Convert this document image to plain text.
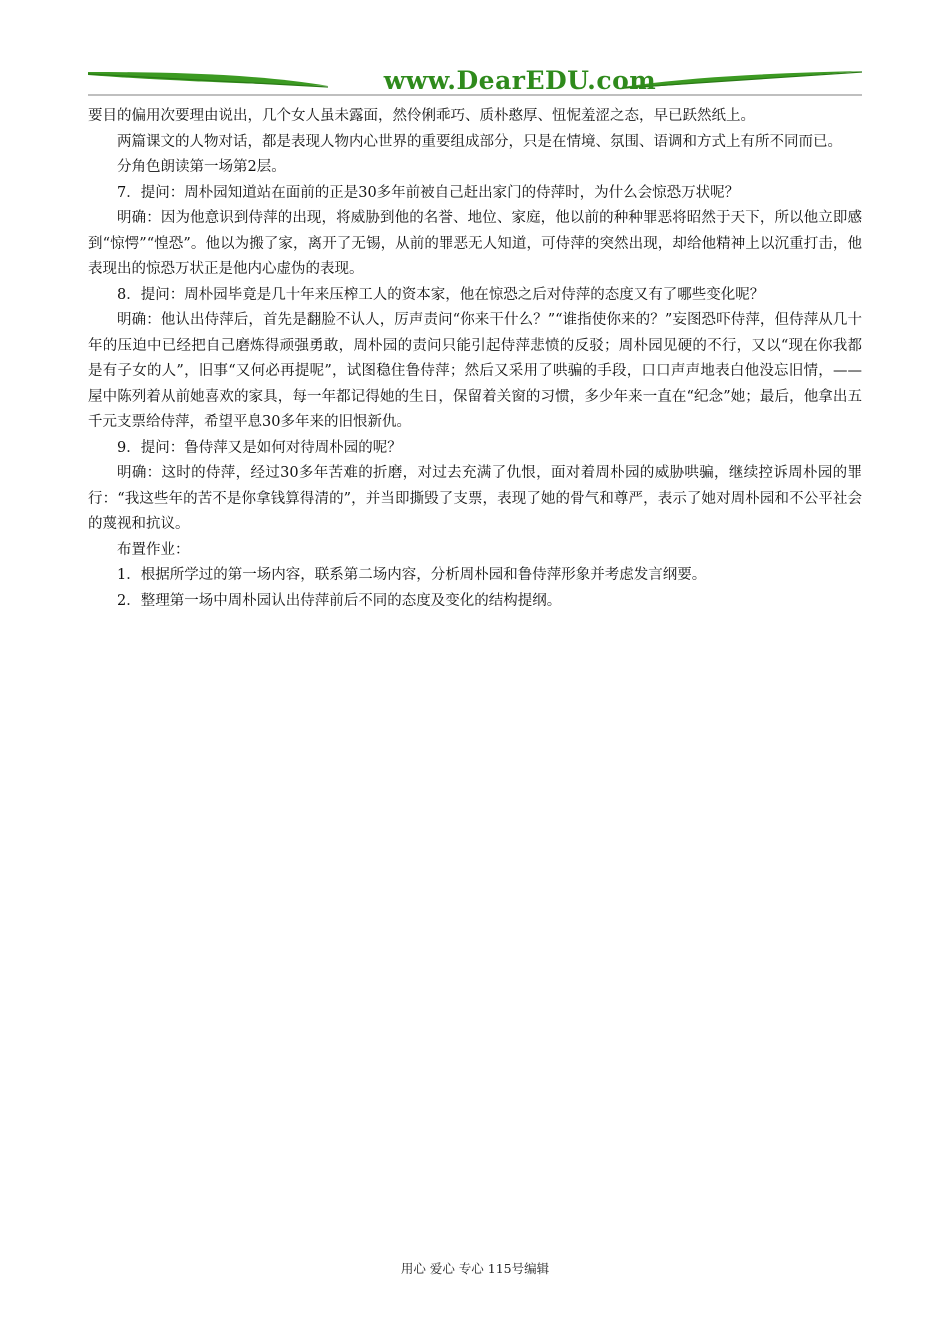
www.DearEDU.com

要目的偏用次要理由说出，几个女人虽未露面，然伶俐乖巧、质朴憨厚、忸怩羞涩之态，早已跃然纸上。

两篇课文的人物对话，都是表现人物内心世界的重要组成部分，只是在情境、氛围、语调和方式上有所不同而已。

分角色朗读第一场第2层。

7．提问：周朴园知道站在面前的正是30多年前被自己赶出家门的侍萍时，为什么会惊恐万状呢？

明确：因为他意识到侍萍的出现，将威胁到他的名誉、地位、家庭，他以前的种种罪恶将昭然于天下，所以他立即感到“惊愕”“惶恐”。他以为搬了家，离开了无锡，从前的罪恶无人知道，可侍萍的突然出现，却给他精神上以沉重打击，他表现出的惊恐万状正是他内心虚伪的表现。

8．提问：周朴园毕竟是几十年来压榨工人的资本家，他在惊恐之后对侍萍的态度又有了哪些变化呢？

明确：他认出侍萍后，首先是翻脸不认人，厉声责问“你来干什么？”“谁指使你来的？”妄图恐吓侍萍，但侍萍从几十年的压迫中已经把自己磨炼得顽强勇敢，周朴园的责问只能引起侍萍悲愤的反驳；周朴园见硬的不行，又以“现在你我都是有子女的人”，旧事“又何必再提呢”，试图稳住鲁侍萍；然后又采用了哄骗的手段，口口声声地表白他没忘旧情，——屋中陈列着从前她喜欢的家具，每一年都记得她的生日，保留着关窗的习惯，多少年来一直在“纪念”她；最后，他拿出五千元支票给侍萍，希望平息30多年来的旧恨新仇。

9．提问：鲁侍萍又是如何对待周朴园的呢？

明确：这时的侍萍，经过30多年苦难的折磨，对过去充满了仇恨，面对着周朴园的威胁哄骗，继续控诉周朴园的罪行：“我这些年的苦不是你拿钱算得清的”，并当即撕毁了支票，表现了她的骨气和尊严，表示了她对周朴园和不公平社会的蔑视和抗议。

布置作业：

1．根据所学过的第一场内容，联系第二场内容，分析周朴园和鲁侍萍形象并考虑发言纲要。

2．整理第一场中周朴园认出侍萍前后不同的态度及变化的结构提纲。

用心 爱心 专心 115号编辑
